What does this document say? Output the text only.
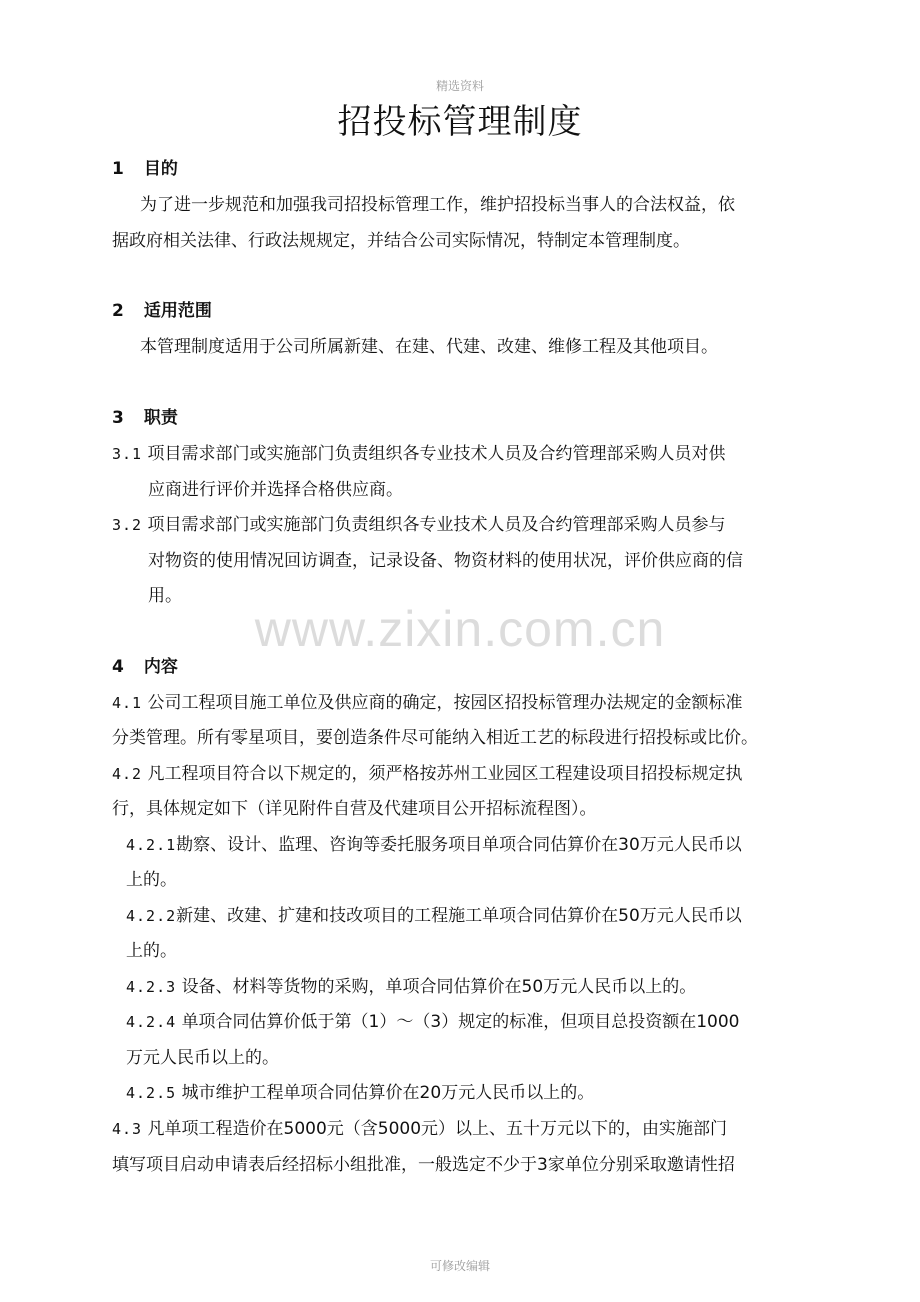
精选资料
招投标管理制度
1 目的
为了进一步规范和加强我司招投标管理工作，维护招投标当事人的合法权益，依
据政府相关法律、行政法规规定，并结合公司实际情况，特制定本管理制度。
2 适用范围
本管理制度适用于公司所属新建、在建、代建、改建、维修工程及其他项目。
3 职责
3.1 项目需求部门或实施部门负责组织各专业技术人员及合约管理部采购人员对供
应商进行评价并选择合格供应商。
3.2 项目需求部门或实施部门负责组织各专业技术人员及合约管理部采购人员参与
对物资的使用情况回访调查，记录设备、物资材料的使用状况，评价供应商的信
用。
www.zixin.com.cn
4 内容
4.1 公司工程项目施工单位及供应商的确定，按园区招投标管理办法规定的金额标准
分类管理。所有零星项目，要创造条件尽可能纳入相近工艺的标段进行招投标或比价。
4.2 凡工程项目符合以下规定的，须严格按苏州工业园区工程建设项目招投标规定执
行，具体规定如下（详见附件自营及代建项目公开招标流程图）。
4.2.1勘察、设计、监理、咨询等委托服务项目单项合同估算价在30万元人民币以
上的。
4.2.2新建、改建、扩建和技改项目的工程施工单项合同估算价在50万元人民币以
上的。
4.2.3 设备、材料等货物的采购，单项合同估算价在50万元人民币以上的。
4.2.4 单项合同估算价低于第（1）～（3）规定的标准，但项目总投资额在1000
万元人民币以上的。
4.2.5 城市维护工程单项合同估算价在20万元人民币以上的。
4.3 凡单项工程造价在5000元（含5000元）以上、五十万元以下的，由实施部门
填写项目启动申请表后经招标小组批准，一般选定不少于3家单位分别采取邀请性招
可修改编辑
